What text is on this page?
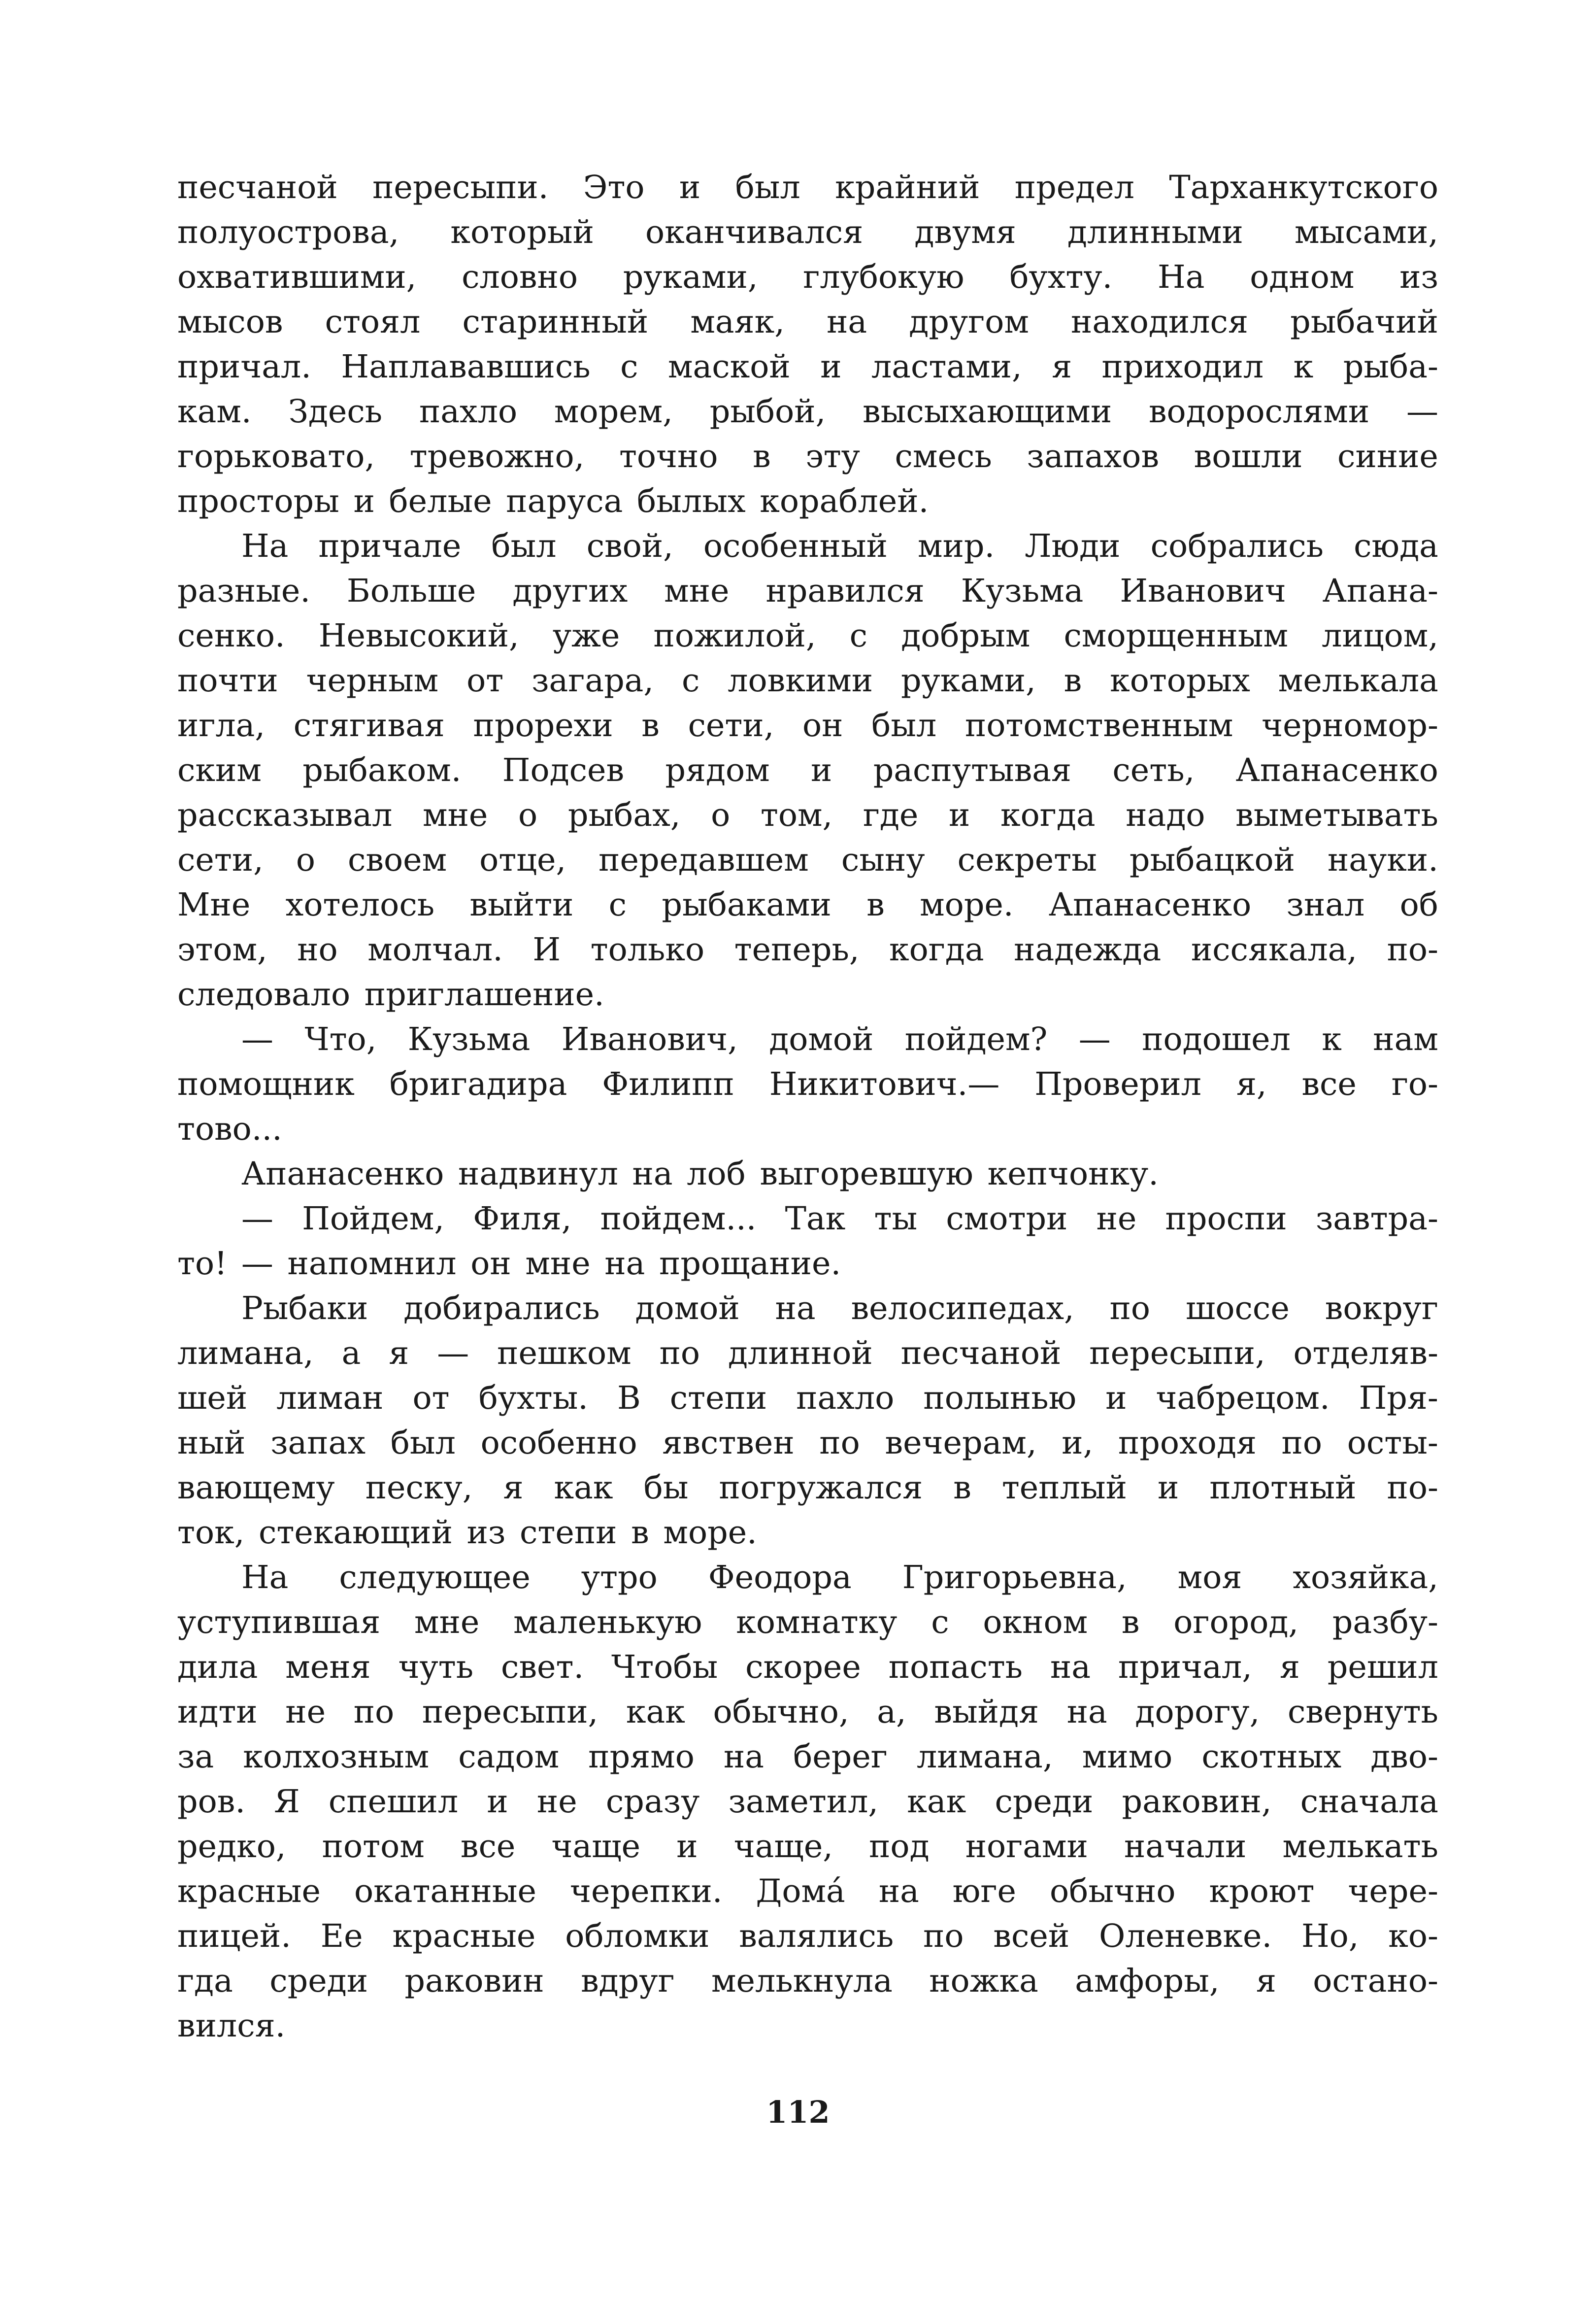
песчаной пересыпи. Это и был крайний предел Тарханкутского
полуострова, который оканчивался двумя длинными мысами,
охватившими, словно руками, глубокую бухту. На одном из
мысов стоял старинный маяк, на другом находился рыбачий
причал. Наплававшись с маской и ластами, я приходил к рыба-
кам. Здесь пахло морем, рыбой, высыхающими водорослями —
горьковато, тревожно, точно в эту смесь запахов вошли синие
просторы и белые паруса былых кораблей.
На причале был свой, особенный мир. Люди собрались сюда
разные. Больше других мне нравился Кузьма Иванович Апана-
сенко. Невысокий, уже пожилой, с добрым сморщенным лицом,
почти черным от загара, с ловкими руками, в которых мелькала
игла, стягивая прорехи в сети, он был потомственным черномор-
ским рыбаком. Подсев рядом и распутывая сеть, Апанасенко
рассказывал мне о рыбах, о том, где и когда надо выметывать
сети, о своем отце, передавшем сыну секреты рыбацкой науки.
Мне хотелось выйти с рыбаками в море. Апанасенко знал об
этом, но молчал. И только теперь, когда надежда иссякала, по-
следовало приглашение.
— Что, Кузьма Иванович, домой пойдем? — подошел к нам
помощник бригадира Филипп Никитович.— Проверил я, все го-
тово...
Апанасенко надвинул на лоб выгоревшую кепчонку.
— Пойдем, Филя, пойдем... Так ты смотри не проспи завтра-
то! — напомнил он мне на прощание.
Рыбаки добирались домой на велосипедах, по шоссе вокруг
лимана, а я — пешком по длинной песчаной пересыпи, отделяв-
шей лиман от бухты. В степи пахло полынью и чабрецом. Пря-
ный запах был особенно явствен по вечерам, и, проходя по осты-
вающему песку, я как бы погружался в теплый и плотный по-
ток, стекающий из степи в море.
На следующее утро Феодора Григорьевна, моя хозяйка,
уступившая мне маленькую комнатку с окном в огород, разбу-
дила меня чуть свет. Чтобы скорее попасть на причал, я решил
идти не по пересыпи, как обычно, а, выйдя на дорогу, свернуть
за колхозным садом прямо на берег лимана, мимо скотных дво-
ров. Я спешил и не сразу заметил, как среди раковин, сначала
редко, потом все чаще и чаще, под ногами начали мелькать
красные окатанные черепки. Домá на юге обычно кроют чере-
пицей. Ее красные обломки валялись по всей Оленевке. Но, ко-
гда среди раковин вдруг мелькнула ножка амфоры, я остано-
вился.
112
